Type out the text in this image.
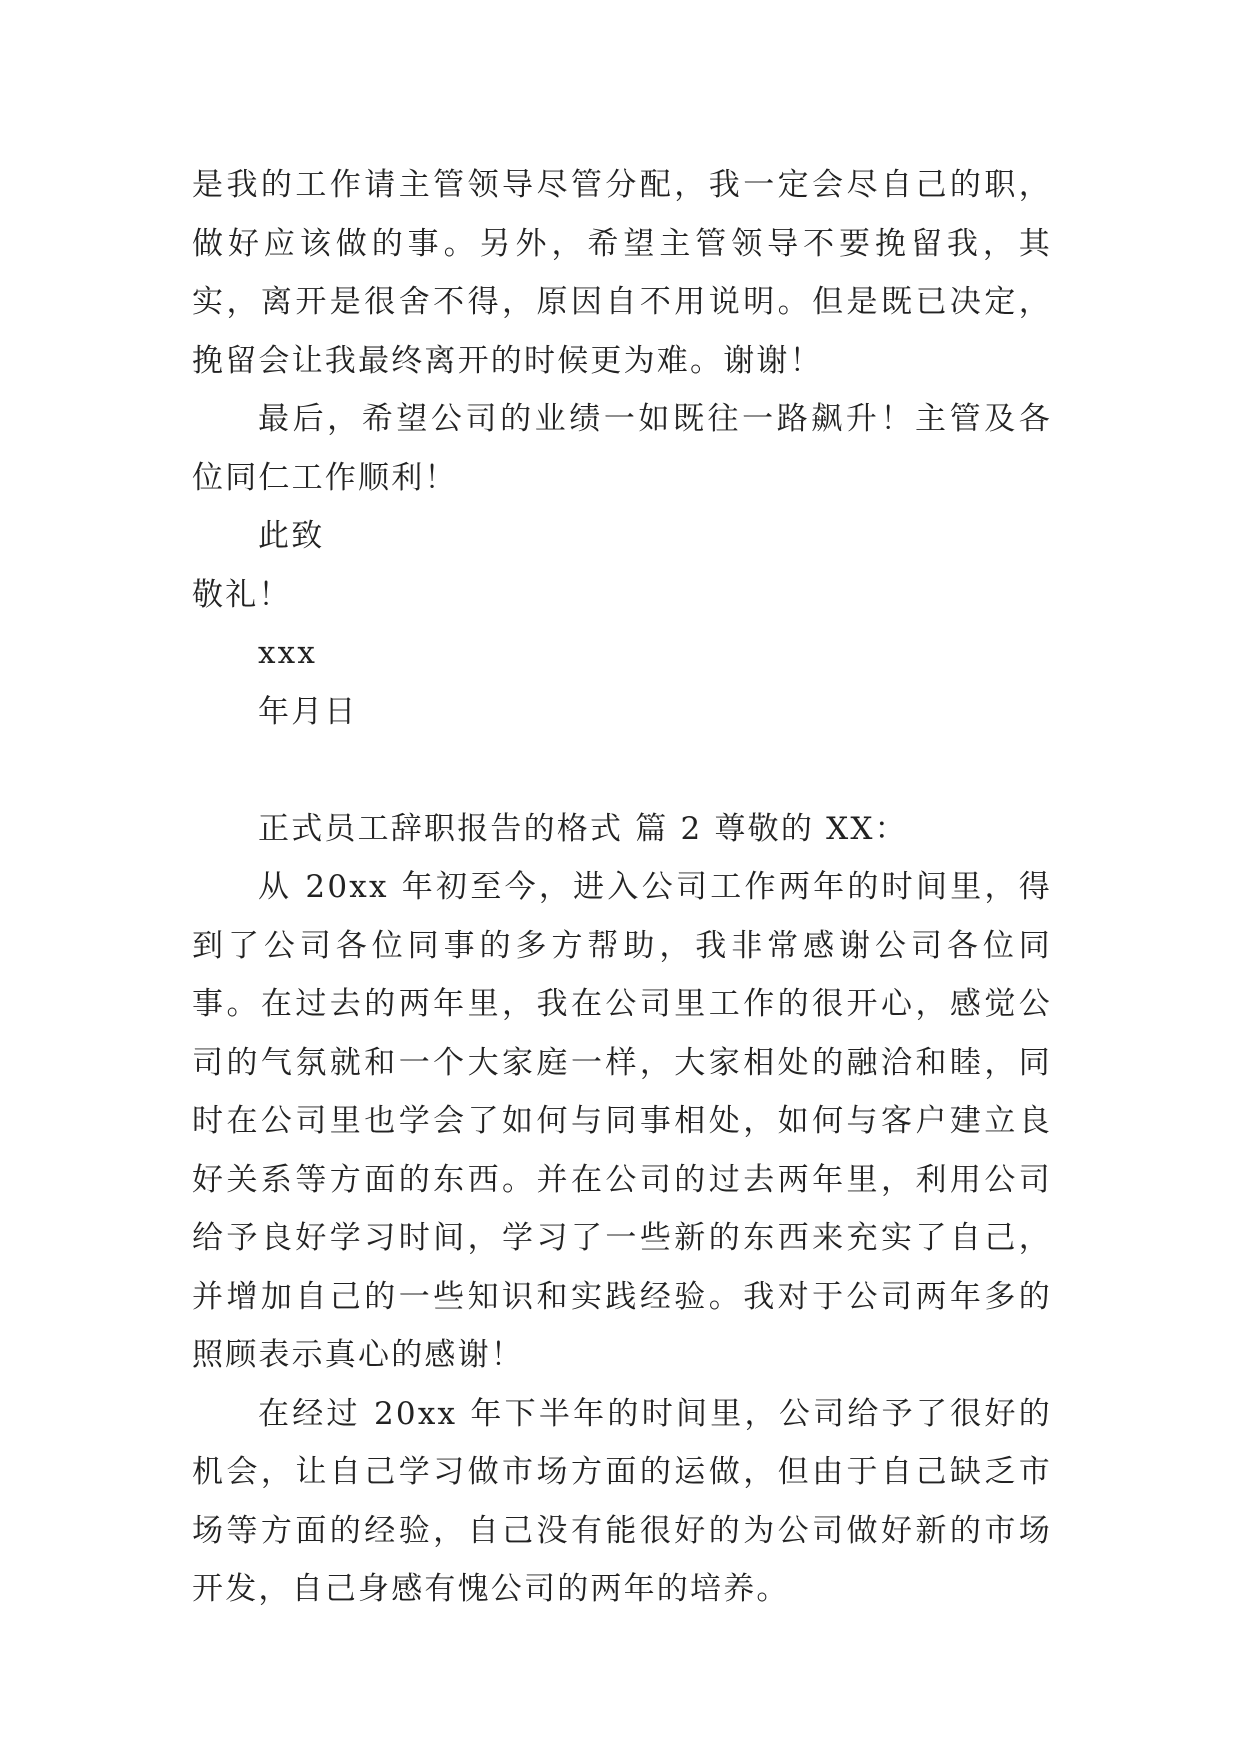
是我的工作请主管领导尽管分配，我一定会尽自己的职，做好应该做的事。另外，希望主管领导不要挽留我，其实，离开是很舍不得，原因自不用说明。但是既已决定，挽留会让我最终离开的时候更为难。谢谢！

最后，希望公司的业绩一如既往一路飙升！主管及各位同仁工作顺利！

此致

敬礼！

xxx

年月日

正式员工辞职报告的格式 篇 2 尊敬的 XX：

从 20xx 年初至今，进入公司工作两年的时间里，得到了公司各位同事的多方帮助，我非常感谢公司各位同事。在过去的两年里，我在公司里工作的很开心，感觉公司的气氛就和一个大家庭一样，大家相处的融洽和睦，同时在公司里也学会了如何与同事相处，如何与客户建立良好关系等方面的东西。并在公司的过去两年里，利用公司给予良好学习时间，学习了一些新的东西来充实了自己，并增加自己的一些知识和实践经验。我对于公司两年多的照顾表示真心的感谢！

在经过 20xx 年下半年的时间里，公司给予了很好的机会，让自己学习做市场方面的运做，但由于自己缺乏市场等方面的经验，自己没有能很好的为公司做好新的市场开发，自己身感有愧公司的两年的培养。
